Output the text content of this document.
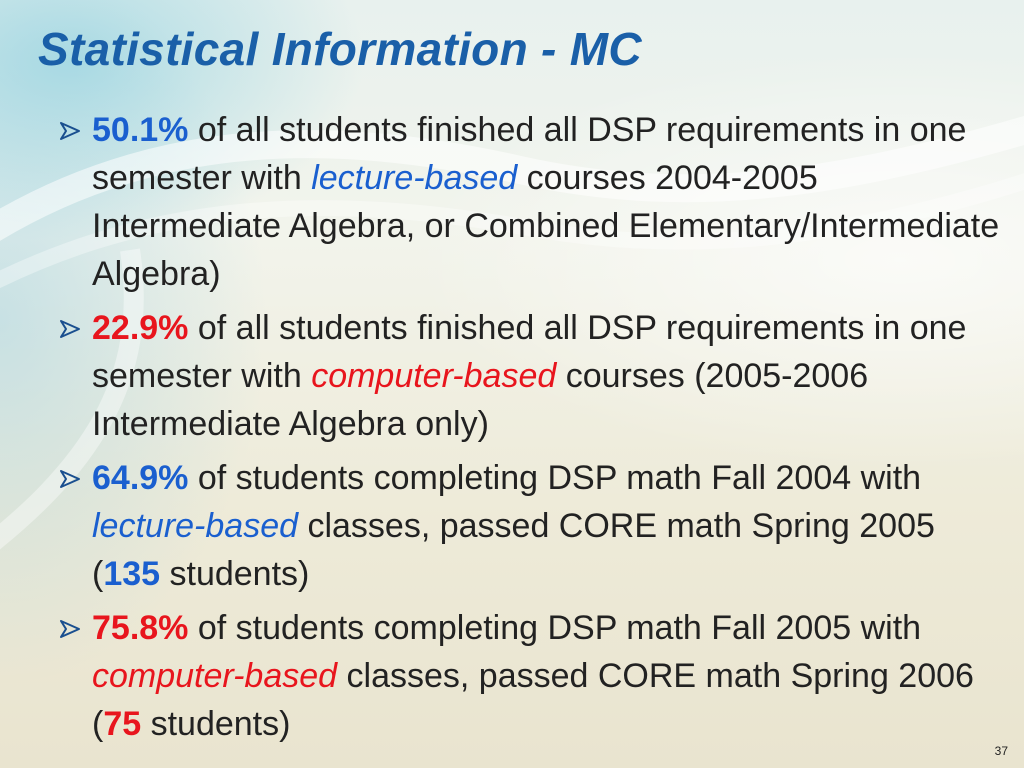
Statistical Information - MC
50.1% of all students finished all DSP requirements in one semester with lecture-based courses 2004-2005 Intermediate Algebra, or Combined Elementary/Intermediate Algebra)
22.9% of all students finished all DSP requirements in one semester with computer-based courses (2005-2006 Intermediate Algebra only)
64.9% of students completing DSP math Fall 2004 with lecture-based classes, passed CORE math Spring 2005 (135 students)
75.8% of students completing DSP math Fall 2005 with computer-based classes, passed CORE math Spring 2006 (75 students)
37
